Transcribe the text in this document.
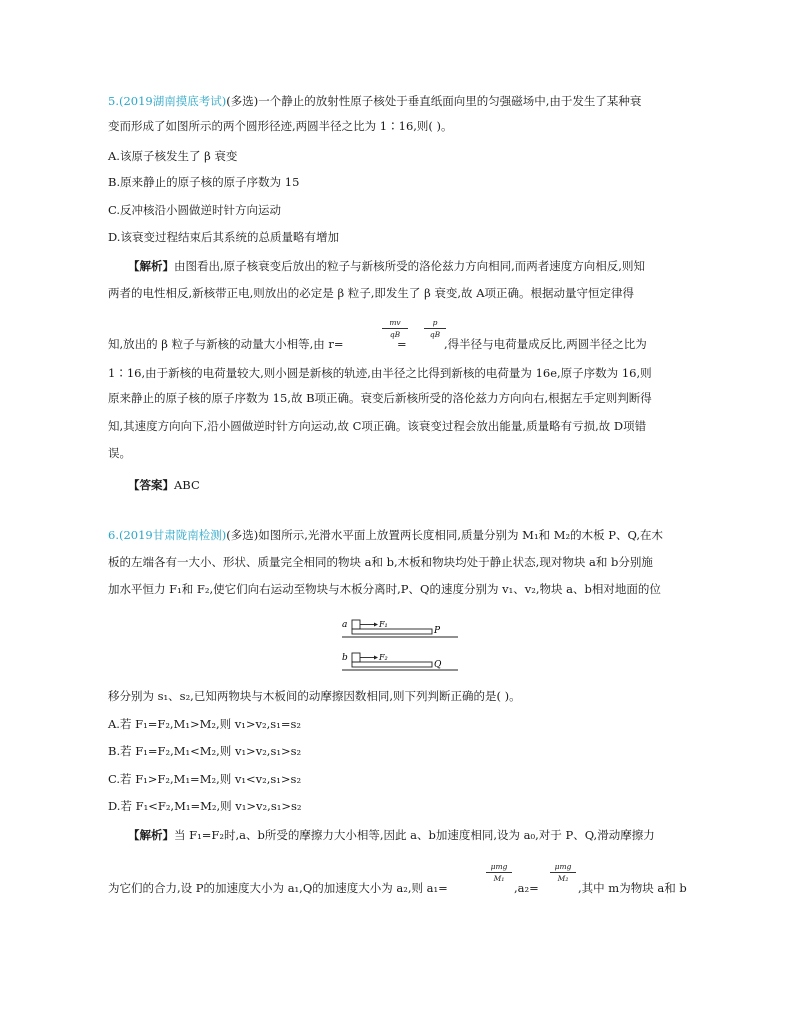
5.(2019湖南摸底考试)(多选)一个静止的放射性原子核处于垂直纸面向里的匀强磁场中,由于发生了某种衰
变而形成了如图所示的两个圆形径迹,两圆半径之比为 1∶16,则( )。
A.该原子核发生了 β 衰变
B.原来静止的原子核的原子序数为 15
C.反冲核沿小圆做逆时针方向运动
D.该衰变过程结束后其系统的总质量略有增加
【解析】由图看出,原子核衰变后放出的粒子与新核所受的洛伦兹力方向相同,而两者速度方向相反,则知
两者的电性相反,新核带正电,则放出的必定是 β 粒子,即发生了 β 衰变,故 A项正确。根据动量守恒定律得
知,放出的 β 粒子与新核的动量大小相等,由 r=
$\frac{mv}{qB}$
=
$\frac{p}{qB}$
,得半径与电荷量成反比,两圆半径之比为
1∶16,由于新核的电荷量较大,则小圆是新核的轨迹,由半径之比得到新核的电荷量为 16e,原子序数为 16,则
原来静止的原子核的原子序数为 15,故 B项正确。衰变后新核所受的洛伦兹力方向向右,根据左手定则判断得
知,其速度方向向下,沿小圆做逆时针方向运动,故 C项正确。该衰变过程会放出能量,质量略有亏损,故 D项错
误。
【答案】ABC
6.(2019甘肃陇南检测)(多选)如图所示,光滑水平面上放置两长度相同,质量分别为 M₁和 M₂的木板 P、Q,在木
板的左端各有一大小、形状、质量完全相同的物块 a和 b,木板和物块均处于静止状态,现对物块 a和 b分别施
加水平恒力 F₁和 F₂,使它们向右运动至物块与木板分离时,P、Q的速度分别为 v₁、v₂,物块 a、b相对地面的位
a	F₁
P
b	F₂
Q
移分别为 s₁、s₂,已知两物块与木板间的动摩擦因数相同,则下列判断正确的是( )。
A.若 F₁=F₂,M₁>M₂,则 v₁>v₂,s₁=s₂
B.若 F₁=F₂,M₁<M₂,则 v₁>v₂,s₁>s₂
C.若 F₁>F₂,M₁=M₂,则 v₁<v₂,s₁>s₂
D.若 F₁<F₂,M₁=M₂,则 v₁>v₂,s₁>s₂
【解析】当 F₁=F₂时,a、b所受的摩擦力大小相等,因此 a、b加速度相同,设为 a₀,对于 P、Q,滑动摩擦力
为它们的合力,设 P的加速度大小为 a₁,Q的加速度大小为 a₂,则 a₁=
μmg
M₁
,a₂=
μmg
M₂
,其中 m为物块 a和 b
